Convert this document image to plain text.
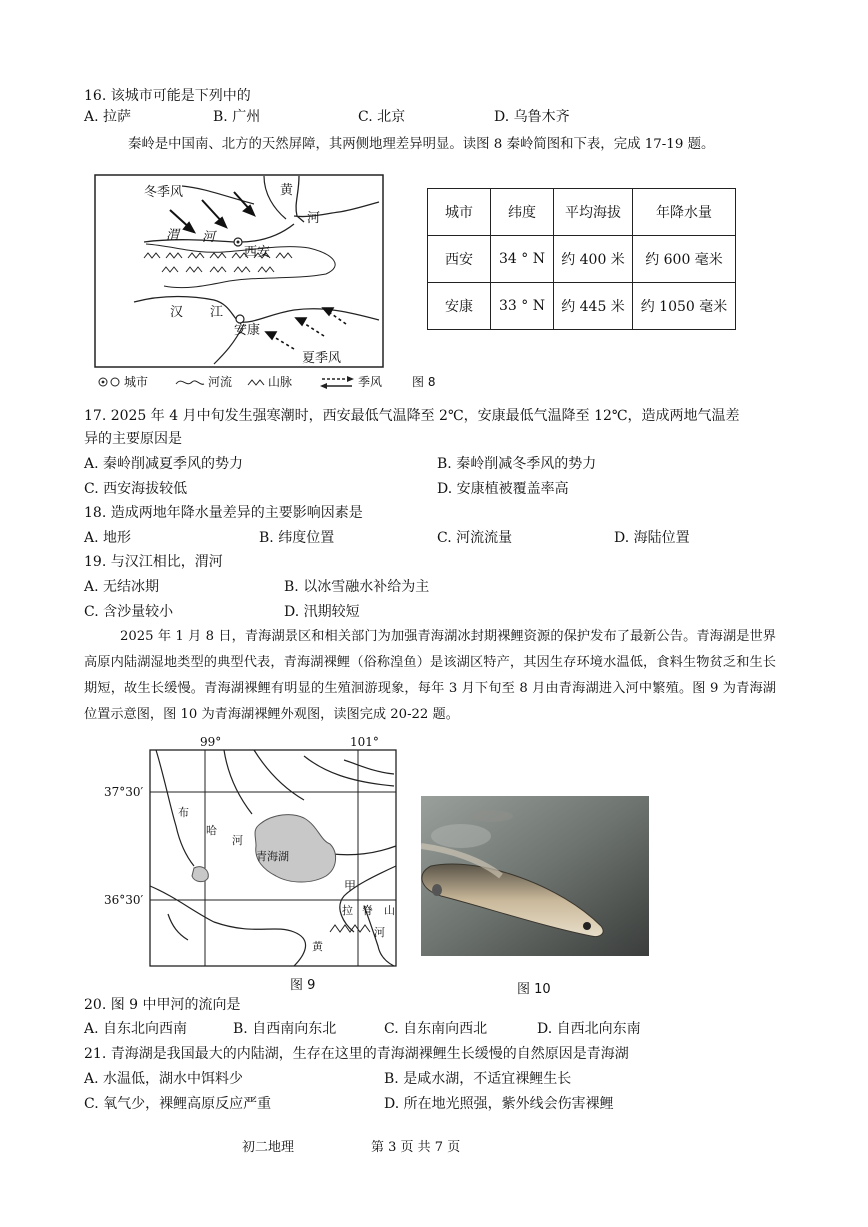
16. 该城市可能是下列中的
A. 拉萨	B. 广州	C. 北京	D. 乌鲁木齐
秦岭是中国南、北方的天然屏障，其两侧地理差异明显。读图 8 秦岭简图和下表，完成 17-19 题。
冬季风	黄
河
渭 河
西安
汉 江
安康
夏季风
城市	河流	山脉	季风 图 8
城市	纬度	平均海拔	年降水量
西安	34 ° N	约 400 米	约 600 毫米
安康	33 ° N	约 445 米	约 1050 毫米
17. 2025 年 4 月中旬发生强寒潮时，西安最低气温降至 2℃，安康最低气温降至 12℃，造成两地气温差
异的主要原因是
A. 秦岭削减夏季风的势力	B. 秦岭削减冬季风的势力
C. 西安海拔较低	D. 安康植被覆盖率高
18. 造成两地年降水量差异的主要影响因素是
A. 地形	B. 纬度位置	C. 河流流量	D. 海陆位置
19. 与汉江相比，渭河
A. 无结冰期	B. 以冰雪融水补给为主
C. 含沙量较小	D. 汛期较短
2025 年 1 月 8 日，青海湖景区和相关部门为加强青海湖冰封期裸鲤资源的保护发布了最新公告。青海湖是世界高原内陆湖湿地类型的典型代表，青海湖裸鲤（俗称湟鱼）是该湖区特产，其因生存环境水温低，食料生物贫乏和生长期短，故生长缓慢。青海湖裸鲤有明显的生殖洄游现象，每年 3 月下旬至 8 月由青海湖进入河中繁殖。图 9 为青海湖位置示意图，图 10 为青海湖裸鲤外观图，读图完成 20-22 题。
99°	101°
37°30′
36°30′
布
哈
河
青海湖
甲
拉 脊 山
河
黄
图 9	图 10
20. 图 9 中甲河的流向是
A. 自东北向西南	B. 自西南向东北	C. 自东南向西北	D. 自西北向东南
21. 青海湖是我国最大的内陆湖，生存在这里的青海湖裸鲤生长缓慢的自然原因是青海湖
A. 水温低，湖水中饵料少	B. 是咸水湖，不适宜裸鲤生长
C. 氧气少，裸鲤高原反应严重	D. 所在地光照强，紫外线会伤害裸鲤
初二地理	第 3 页 共 7 页
